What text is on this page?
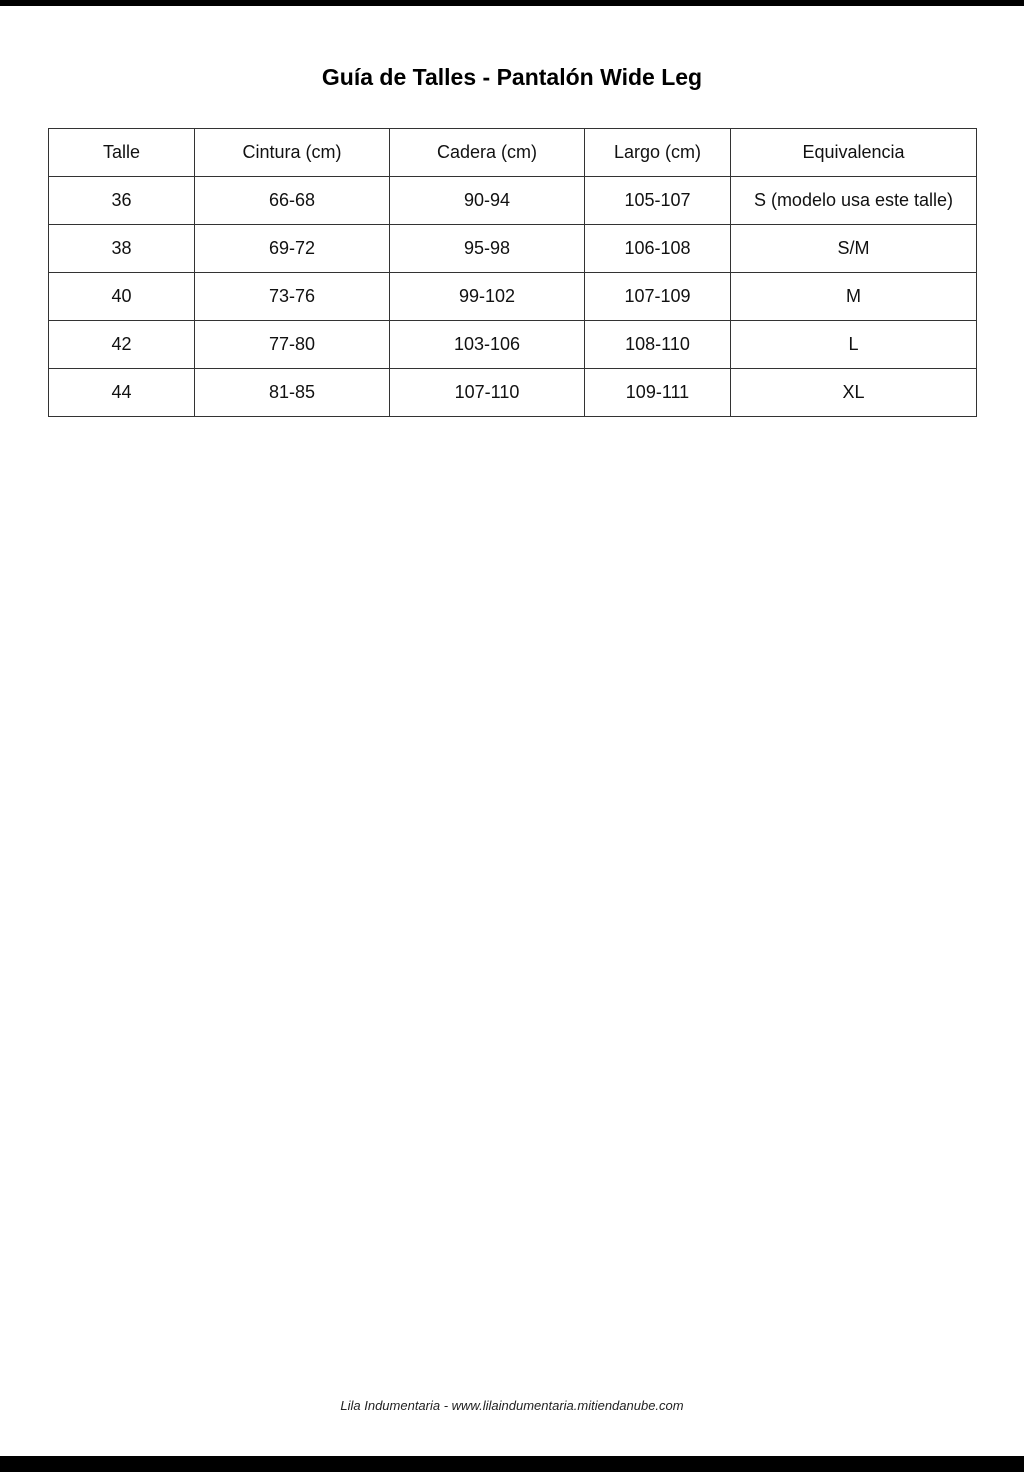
Guía de Talles - Pantalón Wide Leg
Talle	Cintura (cm)	Cadera (cm)	Largo (cm)	Equivalencia
36	66-68	90-94	105-107	S (modelo usa este talle)
38	69-72	95-98	106-108	S/M
40	73-76	99-102	107-109	M
42	77-80	103-106	108-110	L
44	81-85	107-110	109-111	XL
Lila Indumentaria - www.lilaindumentaria.mitiendanube.com
